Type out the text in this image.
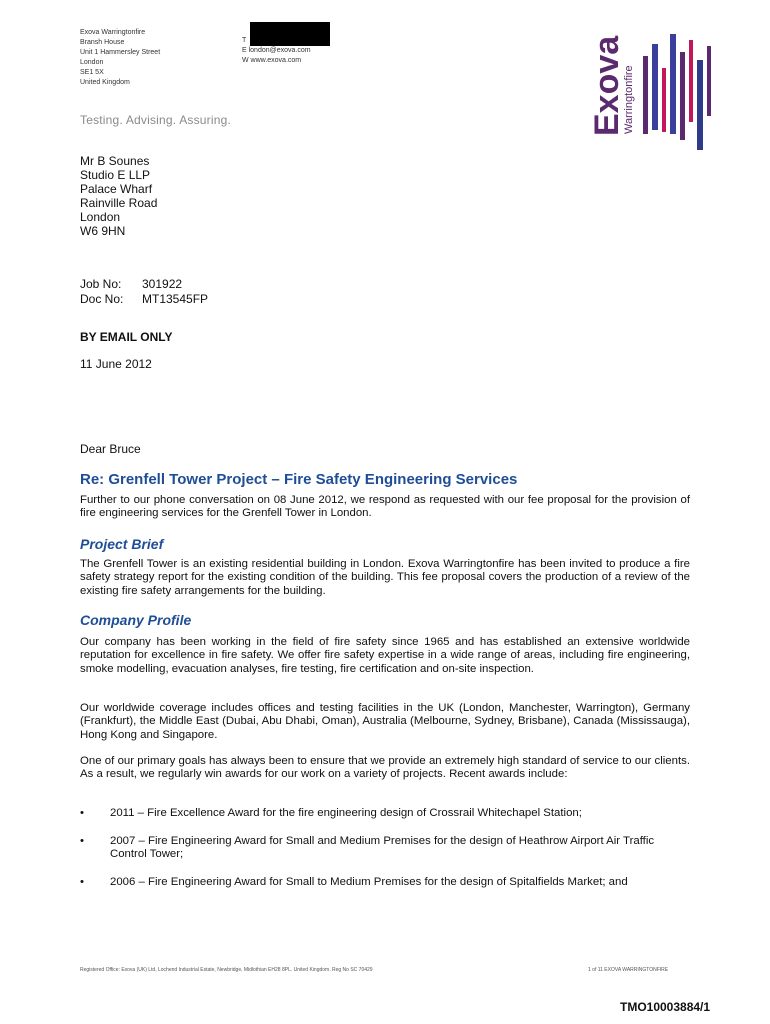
Exova Warringtonfire
Bransh House
Unit 1 Hammersley Street
London
SE1 5X
United Kingdom
T
E london@exova.com
W www.exova.com
Testing. Advising. Assuring.	Exova
Warringtonfire
Mr B Sounes
Studio E LLP
Palace Wharf
Rainville Road
London
W6 9HN
Job No: 301922
Doc No: MT13545FP
BY EMAIL ONLY
11 June 2012
Dear Bruce
Re: Grenfell Tower Project – Fire Safety Engineering Services
Further to our phone conversation on 08 June 2012, we respond as requested with our fee proposal for the provision of fire engineering services for the Grenfell Tower in London.
Project Brief
The Grenfell Tower is an existing residential building in London. Exova Warringtonfire has been invited to produce a fire safety strategy report for the existing condition of the building. This fee proposal covers the production of a review of the existing fire safety arrangements for the building.
Company Profile
Our company has been working in the field of fire safety since 1965 and has established an extensive worldwide reputation for excellence in fire safety. We offer fire safety expertise in a wide range of areas, including fire engineering, smoke modelling, evacuation analyses, fire testing, fire certification and on-site inspection.
Our worldwide coverage includes offices and testing facilities in the UK (London, Manchester, Warrington), Germany (Frankfurt), the Middle East (Dubai, Abu Dhabi, Oman), Australia (Melbourne, Sydney, Brisbane), Canada (Mississauga), Hong Kong and Singapore.
One of our primary goals has always been to ensure that we provide an extremely high standard of service to our clients. As a result, we regularly win awards for our work on a variety of projects. Recent awards include:
• 2011 – Fire Excellence Award for the fire engineering design of Crossrail Whitechapel Station;
• 2007 – Fire Engineering Award for Small and Medium Premises for the design of Heathrow Airport Air Traffic Control Tower;
• 2006 – Fire Engineering Award for Small to Medium Premises for the design of Spitalfields Market; and
Registered Office: Exova (UK) Ltd, Lochend Industrial Estate, Newbridge, Midlothian EH28 8PL. United Kingdom. Reg No SC 70429	1 of 11 EXOVA WARRINGTONFIRE
TMO10003884/1
